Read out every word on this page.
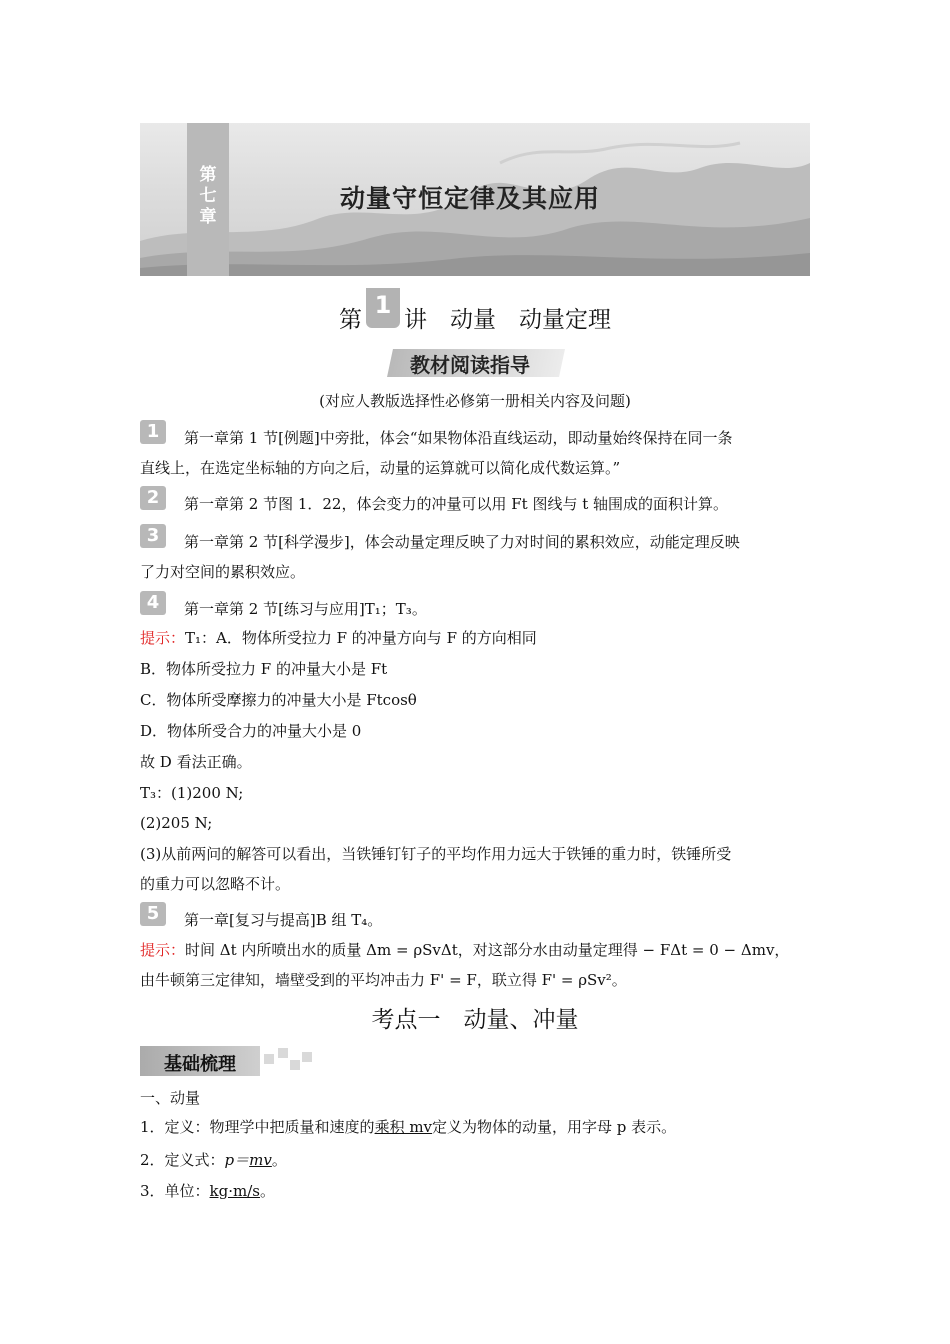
第
七
章
动量守恒定律及其应用
第1讲　动量　动量定理
教材阅读指导
(对应人教版选择性必修第一册相关内容及问题)
1	第一章第 1 节[例题]中旁批，体会“如果物体沿直线运动，即动量始终保持在同一条
直线上，在选定坐标轴的方向之后，动量的运算就可以简化成代数运算。”
2	第一章第 2 节图 1．22，体会变力的冲量可以用 Ft 图线与 t 轴围成的面积计算。
3	第一章第 2 节[科学漫步]，体会动量定理反映了力对时间的累积效应，动能定理反映
了力对空间的累积效应。
4	第一章第 2 节[练习与应用]T₁；T₃。
提示：T₁：A．物体所受拉力 F 的冲量方向与 F 的方向相同
B．物体所受拉力 F 的冲量大小是 Ft
C．物体所受摩擦力的冲量大小是 Ftcosθ
D．物体所受合力的冲量大小是 0
故 D 看法正确。
T₃：(1)200 N;
(2)205 N;
(3)从前两问的解答可以看出，当铁锤钉钉子的平均作用力远大于铁锤的重力时，铁锤所受
的重力可以忽略不计。
5	第一章[复习与提高]B 组 T₄。
提示：时间 Δt 内所喷出水的质量 Δm = ρSvΔt，对这部分水由动量定理得 − FΔt = 0 − Δmv，
由牛顿第三定律知，墙壁受到的平均冲击力 F' = F，联立得 F' = ρSv²。
考点一　动量、冲量
基础梳理
一、动量
1．定义：物理学中把质量和速度的乘积 mv定义为物体的动量，用字母 p 表示。
2．定义式：p＝mv。
3．单位：kg·m/s。
